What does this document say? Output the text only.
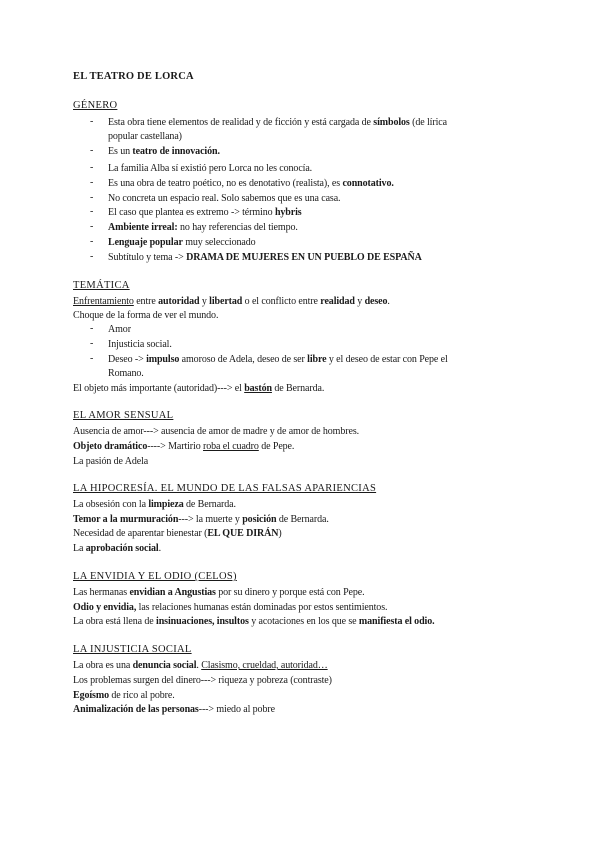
EL TEATRO DE LORCA
GÉNERO
- Esta obra tiene elementos de realidad y de ficción y está cargada de símbolos (de lírica
popular castellana)
- Es un teatro de innovación.
- La familia Alba sí existió pero Lorca no les conocía.
- Es una obra de teatro poético, no es denotativo (realista), es connotativo.
- No concreta un espacio real. Solo sabemos que es una casa.
- El caso que plantea es extremo -> término hybris
- Ambiente irreal: no hay referencias del tiempo.
- Lenguaje popular muy seleccionado
- Subtítulo y tema -> DRAMA DE MUJERES EN UN PUEBLO DE ESPAÑA
TEMÁTICA
Enfrentamiento entre autoridad y libertad o el conflicto entre realidad y deseo.
Choque de la forma de ver el mundo.
- Amor
- Injusticia social.
- Deseo -> impulso amoroso de Adela, deseo de ser libre y el deseo de estar con Pepe el
Romano.
El objeto más importante (autoridad)---> el bastón de Bernarda.
EL AMOR SENSUAL
Ausencia de amor---> ausencia de amor de madre y de amor de hombres.
Objeto dramático----> Martirio roba el cuadro de Pepe.
La pasión de Adela
LA HIPOCRESÍA. EL MUNDO DE LAS FALSAS APARIENCIAS
La obsesión con la limpieza de Bernarda.
Temor a la murmuración---> la muerte y posición de Bernarda.
Necesidad de aparentar bienestar (EL QUE DIRÁN)
La aprobación social.
LA ENVIDIA Y EL ODIO (CELOS)
Las hermanas envidian a Angustias por su dinero y porque está con Pepe.
Odio y envidia, las relaciones humanas están dominadas por estos sentimientos.
La obra está llena de insinuaciones, insultos y acotaciones en los que se manifiesta el odio.
LA INJUSTICIA SOCIAL
La obra es una denuncia social. Clasismo, crueldad, autoridad…
Los problemas surgen del dinero---> riqueza y pobreza (contraste)
Egoísmo de rico al pobre.
Animalización de las personas---> miedo al pobre
